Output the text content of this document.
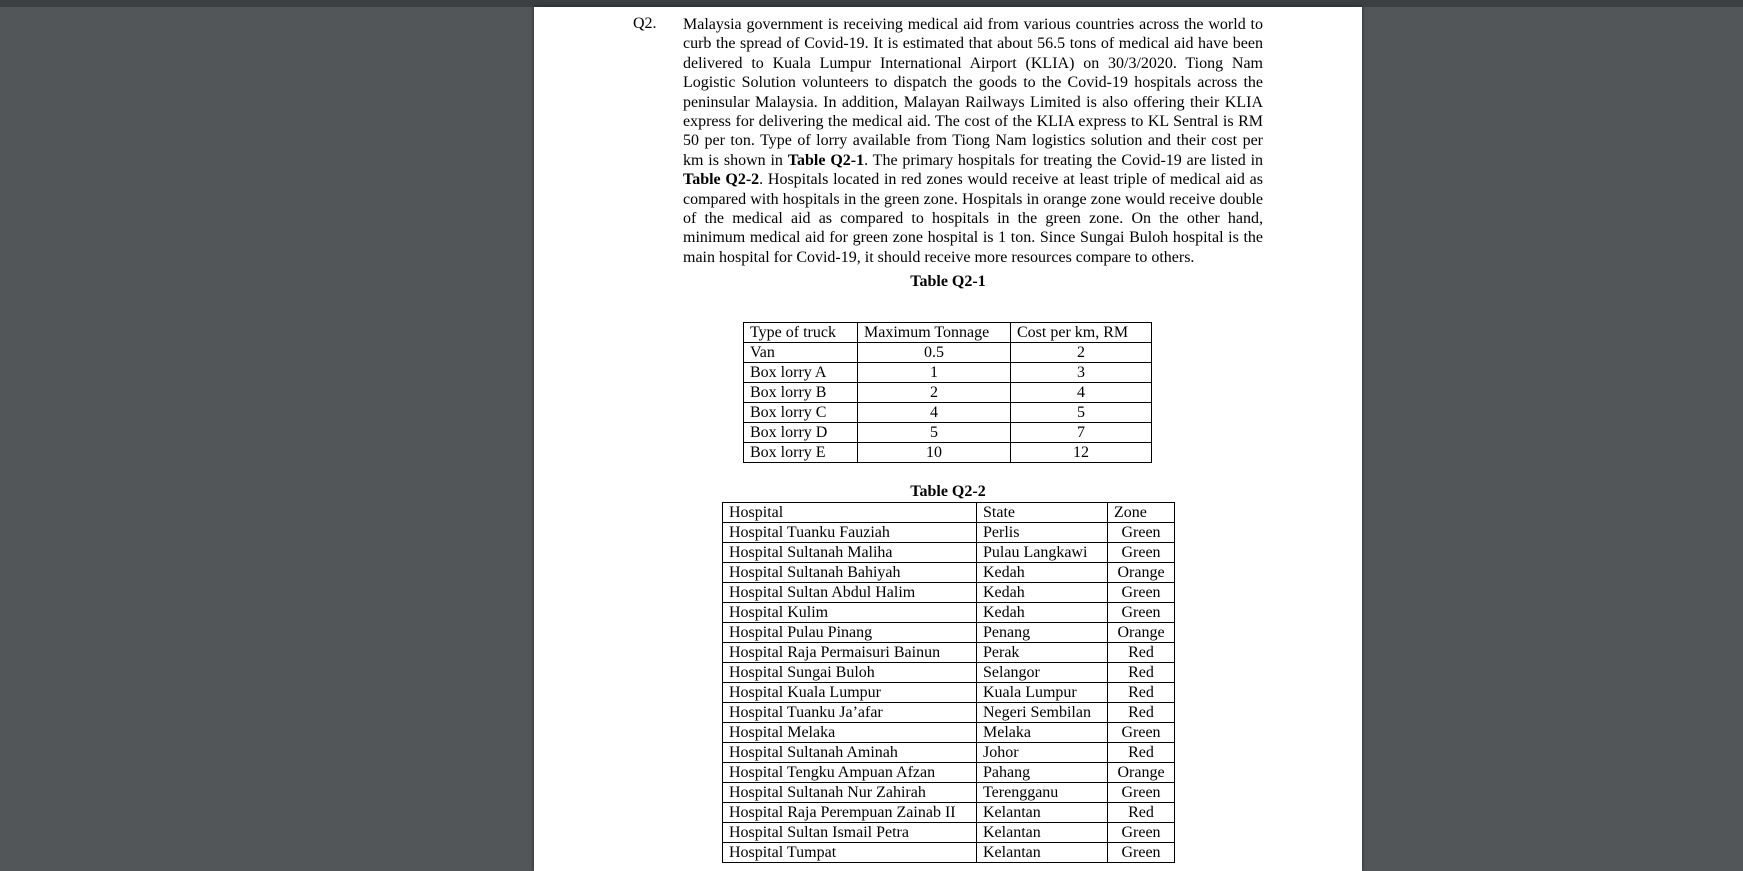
Q2. Malaysia government is receiving medical aid from various countries across the world to curb the spread of Covid-19. It is estimated that about 56.5 tons of medical aid have been delivered to Kuala Lumpur International Airport (KLIA) on 30/3/2020. Tiong Nam Logistic Solution volunteers to dispatch the goods to the Covid-19 hospitals across the peninsular Malaysia. In addition, Malayan Railways Limited is also offering their KLIA express for delivering the medical aid. The cost of the KLIA express to KL Sentral is RM 50 per ton. Type of lorry available from Tiong Nam logistics solution and their cost per km is shown in Table Q2-1. The primary hospitals for treating the Covid-19 are listed in Table Q2-2. Hospitals located in red zones would receive at least triple of medical aid as compared with hospitals in the green zone. Hospitals in orange zone would receive double of the medical aid as compared to hospitals in the green zone. On the other hand, minimum medical aid for green zone hospital is 1 ton. Since Sungai Buloh hospital is the main hospital for Covid-19, it should receive more resources compare to others.

Table Q2-1
Type of truck	Maximum Tonnage	Cost per km, RM
Van	0.5	2
Box lorry A	1	3
Box lorry B	2	4
Box lorry C	4	5
Box lorry D	5	7
Box lorry E	10	12
Table Q2-2
Hospital	State	Zone
Hospital Tuanku Fauziah	Perlis	Green
Hospital Sultanah Maliha	Pulau Langkawi	Green
Hospital Sultanah Bahiyah	Kedah	Orange
Hospital Sultan Abdul Halim	Kedah	Green
Hospital Kulim	Kedah	Green
Hospital Pulau Pinang	Penang	Orange
Hospital Raja Permaisuri Bainun	Perak	Red
Hospital Sungai Buloh	Selangor	Red
Hospital Kuala Lumpur	Kuala Lumpur	Red
Hospital Tuanku Ja’afar	Negeri Sembilan	Red
Hospital Melaka	Melaka	Green
Hospital Sultanah Aminah	Johor	Red
Hospital Tengku Ampuan Afzan	Pahang	Orange
Hospital Sultanah Nur Zahirah	Terengganu	Green
Hospital Raja Perempuan Zainab II	Kelantan	Red
Hospital Sultan Ismail Petra	Kelantan	Green
Hospital Tumpat	Kelantan	Green
